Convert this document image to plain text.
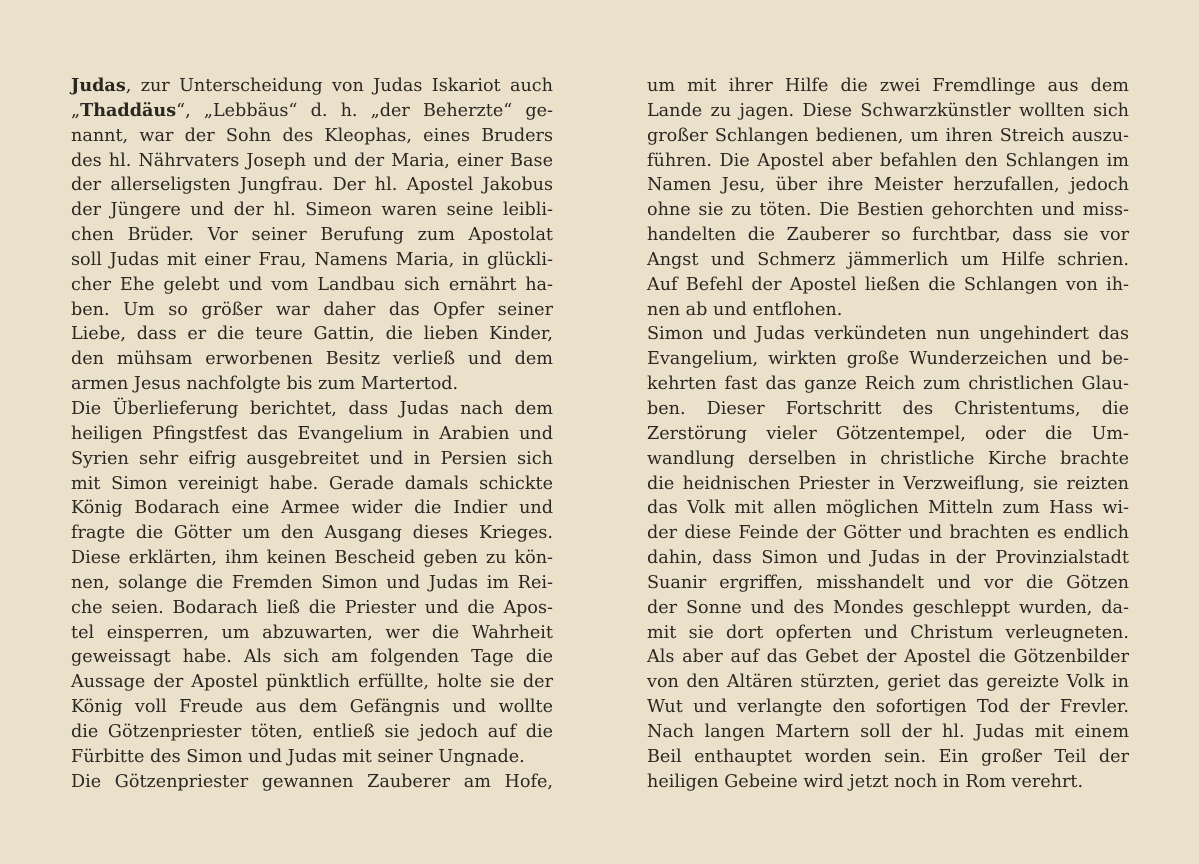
Judas, zur Unterscheidung von Judas Iskariot auch
„Thaddäus“, „Lebbäus“ d. h. „der Beherzte“ ge-
nannt, war der Sohn des Kleophas, eines Bruders
des hl. Nährvaters Joseph und der Maria, einer Base
der allerseligsten Jungfrau. Der hl. Apostel Jakobus
der Jüngere und der hl. Simeon waren seine leibli-
chen Brüder. Vor seiner Berufung zum Apostolat
soll Judas mit einer Frau, Namens Maria, in glückli-
cher Ehe gelebt und vom Landbau sich ernährt ha-
ben. Um so größer war daher das Opfer seiner
Liebe, dass er die teure Gattin, die lieben Kinder,
den mühsam erworbenen Besitz verließ und dem
armen Jesus nachfolgte bis zum Martertod.
Die Überlieferung berichtet, dass Judas nach dem
heiligen Pfingstfest das Evangelium in Arabien und
Syrien sehr eifrig ausgebreitet und in Persien sich
mit Simon vereinigt habe. Gerade damals schickte
König Bodarach eine Armee wider die Indier und
fragte die Götter um den Ausgang dieses Krieges.
Diese erklärten, ihm keinen Bescheid geben zu kön-
nen, solange die Fremden Simon und Judas im Rei-
che seien. Bodarach ließ die Priester und die Apos-
tel einsperren, um abzuwarten, wer die Wahrheit
geweissagt habe. Als sich am folgenden Tage die
Aussage der Apostel pünktlich erfüllte, holte sie der
König voll Freude aus dem Gefängnis und wollte
die Götzenpriester töten, entließ sie jedoch auf die
Fürbitte des Simon und Judas mit seiner Ungnade.
Die Götzenpriester gewannen Zauberer am Hofe,
um mit ihrer Hilfe die zwei Fremdlinge aus dem
Lande zu jagen. Diese Schwarzkünstler wollten sich
großer Schlangen bedienen, um ihren Streich auszu-
führen. Die Apostel aber befahlen den Schlangen im
Namen Jesu, über ihre Meister herzufallen, jedoch
ohne sie zu töten. Die Bestien gehorchten und miss-
handelten die Zauberer so furchtbar, dass sie vor
Angst und Schmerz jämmerlich um Hilfe schrien.
Auf Befehl der Apostel ließen die Schlangen von ih-
nen ab und entflohen.
Simon und Judas verkündeten nun ungehindert das
Evangelium, wirkten große Wunderzeichen und be-
kehrten fast das ganze Reich zum christlichen Glau-
ben. Dieser Fortschritt des Christentums, die
Zerstörung vieler Götzentempel, oder die Um-
wandlung derselben in christliche Kirche brachte
die heidnischen Priester in Verzweiflung, sie reizten
das Volk mit allen möglichen Mitteln zum Hass wi-
der diese Feinde der Götter und brachten es endlich
dahin, dass Simon und Judas in der Provinzialstadt
Suanir ergriffen, misshandelt und vor die Götzen
der Sonne und des Mondes geschleppt wurden, da-
mit sie dort opferten und Christum verleugneten.
Als aber auf das Gebet der Apostel die Götzenbilder
von den Altären stürzten, geriet das gereizte Volk in
Wut und verlangte den sofortigen Tod der Frevler.
Nach langen Martern soll der hl. Judas mit einem
Beil enthauptet worden sein. Ein großer Teil der
heiligen Gebeine wird jetzt noch in Rom verehrt.
